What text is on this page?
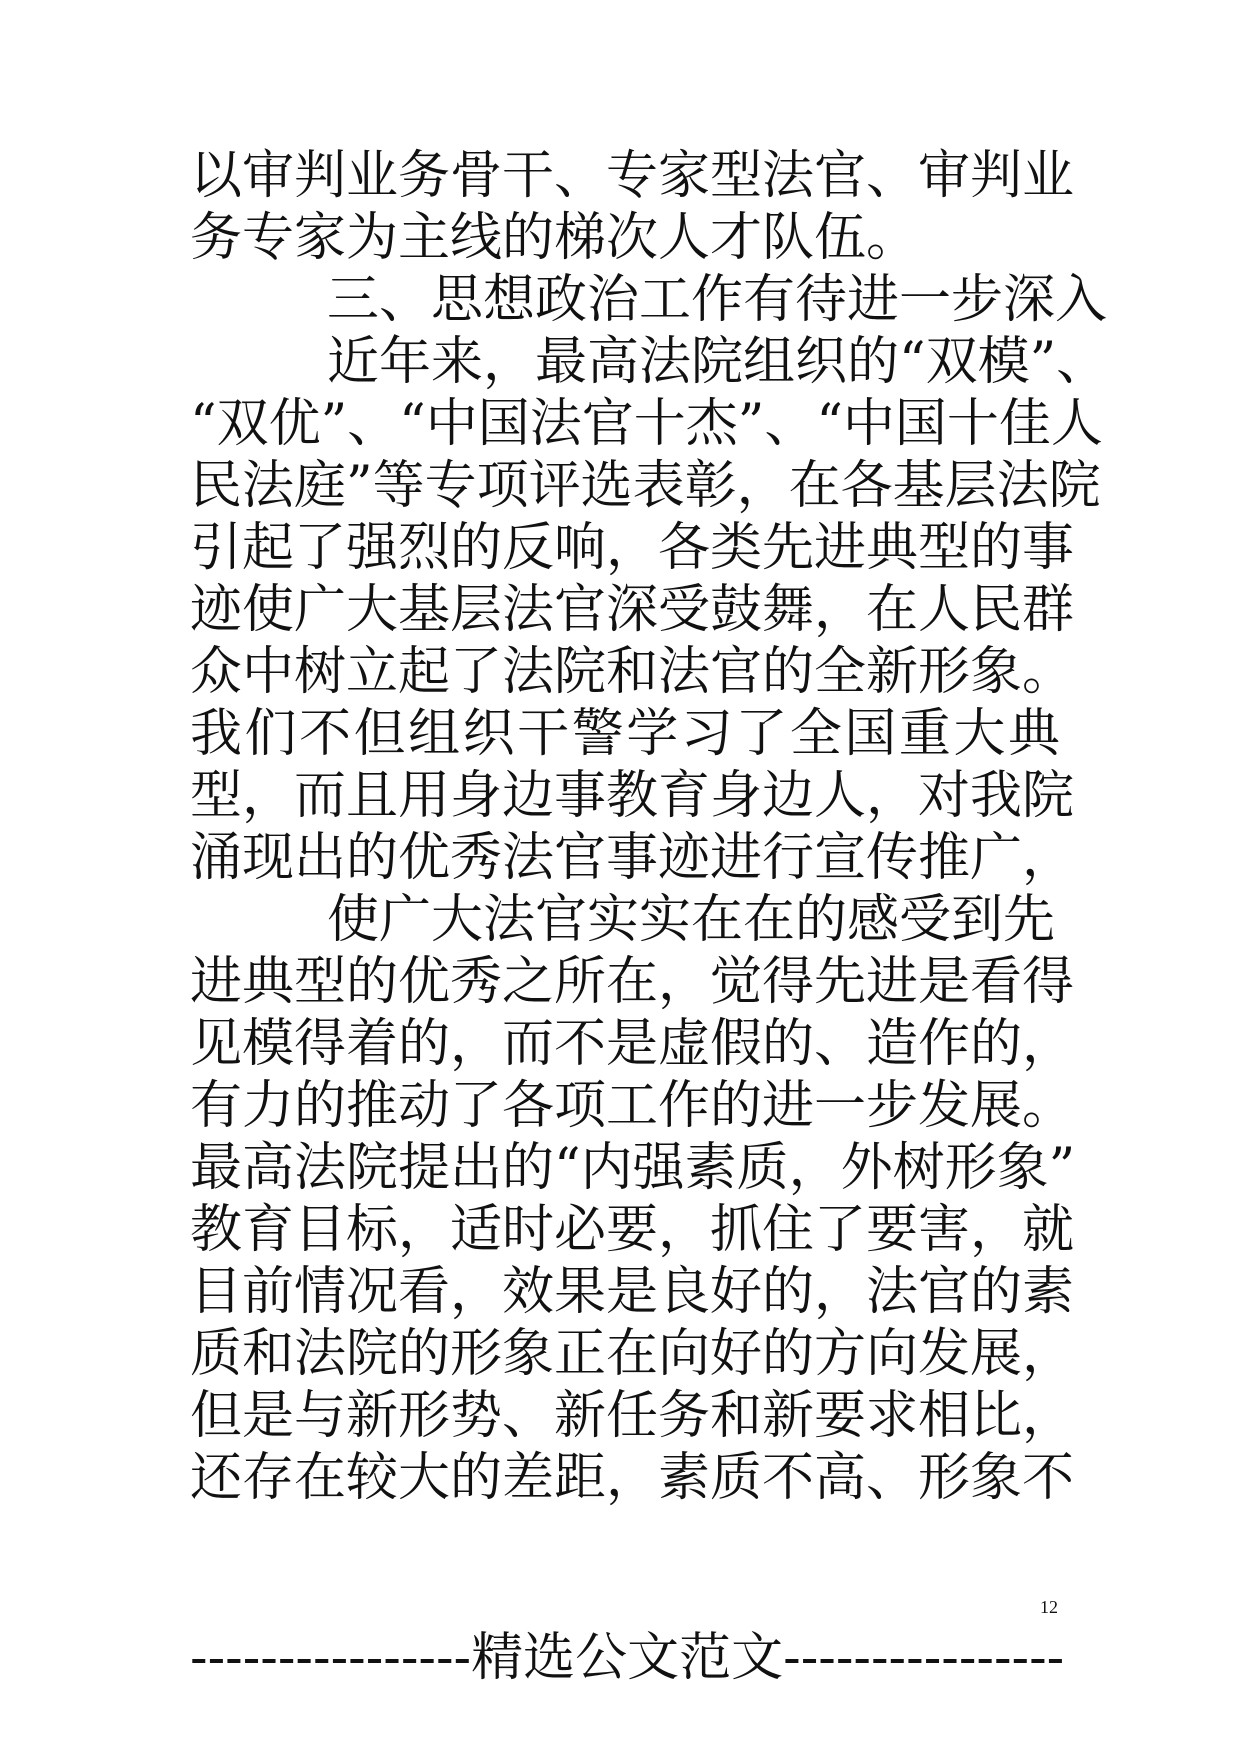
以审判业务骨干、专家型法官、审判业
务专家为主线的梯次人才队伍。
三、思想政治工作有待进一步深入
近年来，最高法院组织的“双模”、
“双优”、“中国法官十杰”、“中国十佳人
民法庭”等专项评选表彰，在各基层法院
引起了强烈的反响，各类先进典型的事
迹使广大基层法官深受鼓舞，在人民群
众中树立起了法院和法官的全新形象。
我们不但组织干警学习了全国重大典
型，而且用身边事教育身边人，对我院
涌现出的优秀法官事迹进行宣传推广，
使广大法官实实在在的感受到先
进典型的优秀之所在，觉得先进是看得
见模得着的，而不是虚假的、造作的，
有力的推动了各项工作的进一步发展。
最高法院提出的“内强素质，外树形象”
教育目标，适时必要，抓住了要害，就
目前情况看，效果是良好的，法官的素
质和法院的形象正在向好的方向发展，
但是与新形势、新任务和新要求相比，
还存在较大的差距，素质不高、形象不
12
----------------精选公文范文----------------
